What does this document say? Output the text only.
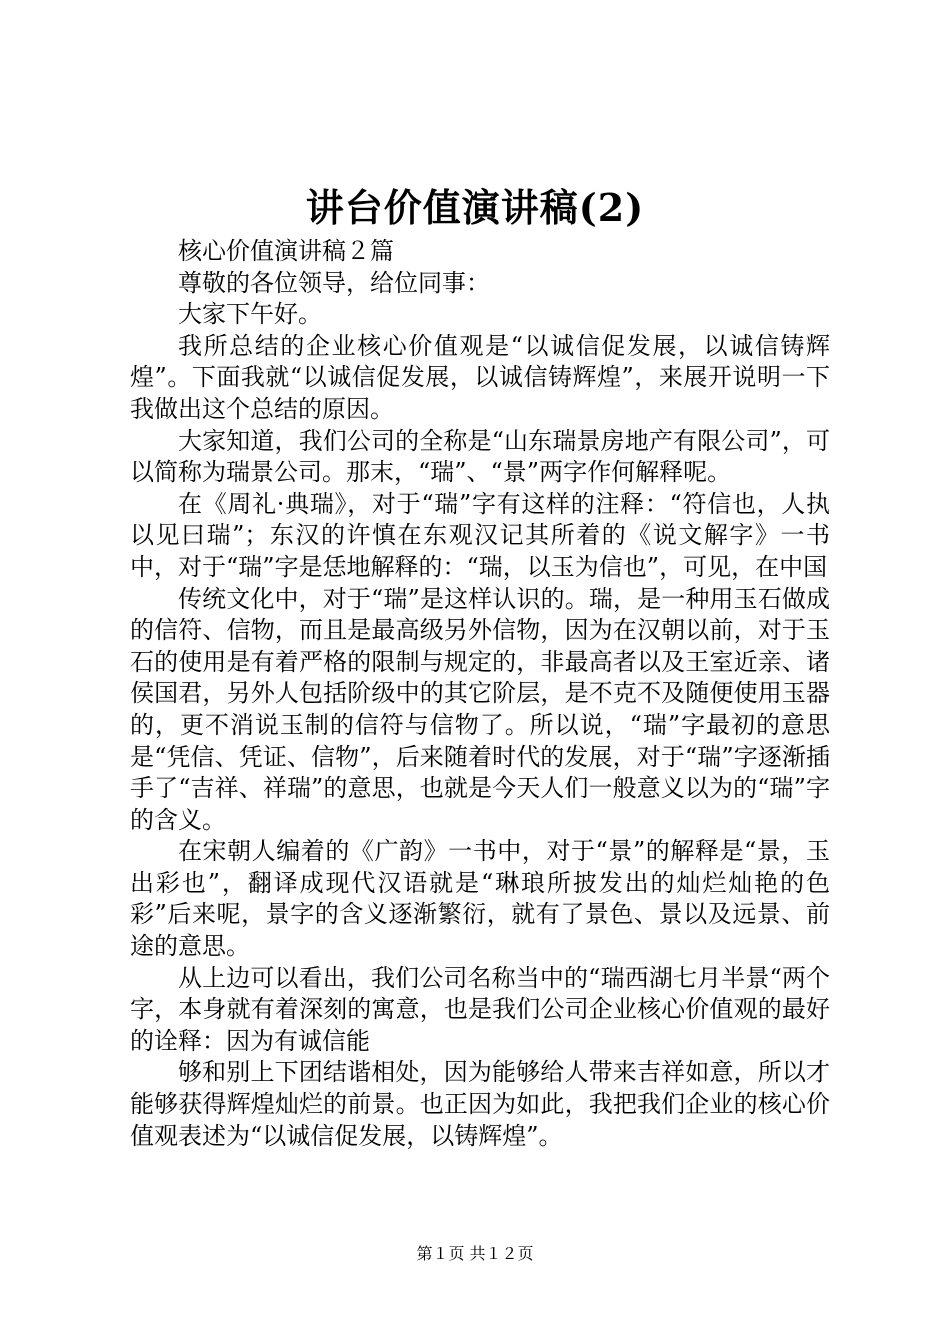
讲台价值演讲稿(2)

核心价值演讲稿２篇

尊敬的各位领导，给位同事：

大家下午好。

我所总结的企业核心价值观是“以诚信促发展，以诚信铸辉煌”。下面我就“以诚信促发展，以诚信铸辉煌”，来展开说明一下我做出这个总结的原因。

大家知道，我们公司的全称是“山东瑞景房地产有限公司”，可以简称为瑞景公司。那末，“瑞”、“景”两字作何解释呢。

在《周礼·典瑞》，对于“瑞”字有这样的注释：“符信也，人执以见曰瑞”；东汉的许慎在东观汉记其所着的《说文解字》一书中，对于“瑞”字是恁地解释的：“瑞，以玉为信也”，可见，在中国

传统文化中，对于“瑞”是这样认识的。瑞，是一种用玉石做成的信符、信物，而且是最高级另外信物，因为在汉朝以前，对于玉石的使用是有着严格的限制与规定的，非最高者以及王室近亲、诸侯国君，另外人包括阶级中的其它阶层，是不克不及随便使用玉器的，更不消说玉制的信符与信物了。所以说，“瑞”字最初的意思是“凭信、凭证、信物”，后来随着时代的发展，对于“瑞”字逐渐插手了“吉祥、祥瑞”的意思，也就是今天人们一般意义以为的“瑞”字的含义。

在宋朝人编着的《广韵》一书中，对于“景”的解释是“景，玉出彩也”，翻译成现代汉语就是“琳琅所披发出的灿烂灿艳的色彩”后来呢，景字的含义逐渐繁衍，就有了景色、景以及远景、前途的意思。

从上边可以看出，我们公司名称当中的“瑞西湖七月半景“两个字，本身就有着深刻的寓意，也是我们公司企业核心价值观的最好的诠释：因为有诚信能

够和别上下团结谐相处，因为能够给人带来吉祥如意，所以才能够获得辉煌灿烂的前景。也正因为如此，我把我们企业的核心价值观表述为“以诚信促发展，以铸辉煌”。

第１页 共１２页
